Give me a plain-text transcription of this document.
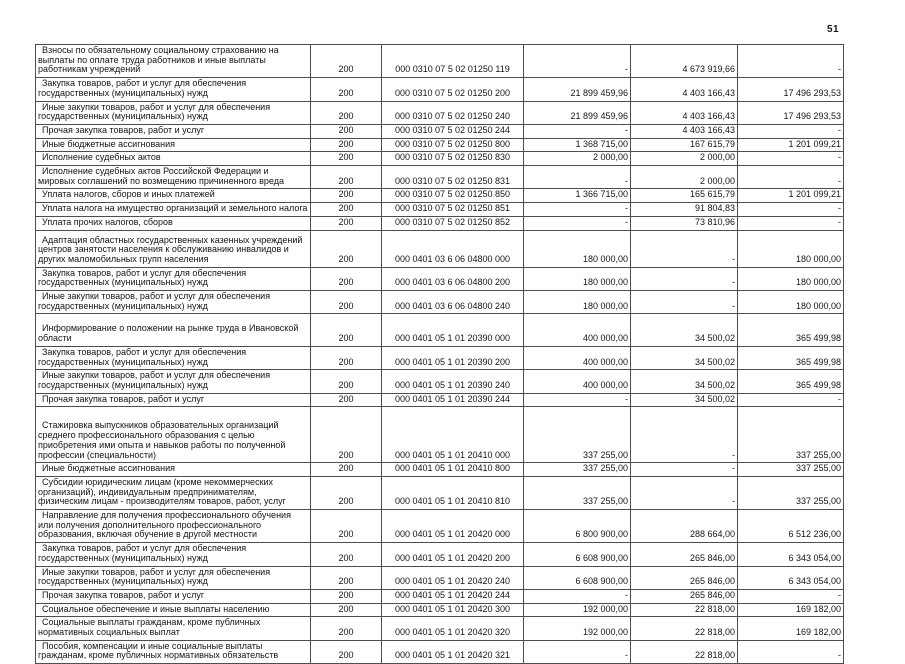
51
Взносы по обязательному социальному страхованию на выплаты по оплате труда работников и иные выплаты работникам учреждений	200	000 0310 07 5 02 01250 119	-	4 673 919,66	-
Закупка товаров, работ и услуг для обеспечения государственных (муниципальных) нужд	200	000 0310 07 5 02 01250 200	21 899 459,96	4 403 166,43	17 496 293,53
Иные закупки товаров, работ и услуг для обеспечения государственных (муниципальных) нужд	200	000 0310 07 5 02 01250 240	21 899 459,96	4 403 166,43	17 496 293,53
Прочая закупка товаров, работ и услуг	200	000 0310 07 5 02 01250 244	-	4 403 166,43	-
Иные бюджетные ассигнования	200	000 0310 07 5 02 01250 800	1 368 715,00	167 615,79	1 201 099,21
Исполнение судебных актов	200	000 0310 07 5 02 01250 830	2 000,00	2 000,00	-
Исполнение судебных актов Российской Федерации и мировых соглашений по возмещению причиненного вреда	200	000 0310 07 5 02 01250 831	-	2 000,00	-
Уплата налогов, сборов и иных платежей	200	000 0310 07 5 02 01250 850	1 366 715,00	165 615,79	1 201 099,21
Уплата налога на имущество организаций и земельного налога	200	000 0310 07 5 02 01250 851	-	91 804,83	-
Уплата прочих налогов, сборов	200	000 0310 07 5 02 01250 852	-	73 810,96	-
Адаптация областных государственных казенных учреждений центров занятости населения к обслуживанию инвалидов и других маломобильных групп населения	200	000 0401 03 6 06 04800 000	180 000,00	-	180 000,00
Закупка товаров, работ и услуг для обеспечения государственных (муниципальных) нужд	200	000 0401 03 6 06 04800 200	180 000,00	-	180 000,00
Иные закупки товаров, работ и услуг для обеспечения государственных (муниципальных) нужд	200	000 0401 03 6 06 04800 240	180 000,00	-	180 000,00
Информирование о положении на рынке труда в Ивановской области	200	000 0401 05 1 01 20390 000	400 000,00	34 500,02	365 499,98
Закупка товаров, работ и услуг для обеспечения государственных (муниципальных) нужд	200	000 0401 05 1 01 20390 200	400 000,00	34 500,02	365 499,98
Иные закупки товаров, работ и услуг для обеспечения государственных (муниципальных) нужд	200	000 0401 05 1 01 20390 240	400 000,00	34 500,02	365 499,98
Прочая закупка товаров, работ и услуг	200	000 0401 05 1 01 20390 244	-	34 500,02	-
Стажировка выпускников образовательных организаций среднего профессионального образования с целью приобретения ими опыта и навыков работы по полученной профессии (специальности)	200	000 0401 05 1 01 20410 000	337 255,00	-	337 255,00
Иные бюджетные ассигнования	200	000 0401 05 1 01 20410 800	337 255,00	-	337 255,00
Субсидии юридическим лицам (кроме некоммерческих организаций), индивидуальным предпринимателям, физическим лицам - производителям товаров, работ, услуг	200	000 0401 05 1 01 20410 810	337 255,00	-	337 255,00
Направление для получения профессионального обучения или получения дополнительного профессионального образования, включая обучение в другой местности	200	000 0401 05 1 01 20420 000	6 800 900,00	288 664,00	6 512 236,00
Закупка товаров, работ и услуг для обеспечения государственных (муниципальных) нужд	200	000 0401 05 1 01 20420 200	6 608 900,00	265 846,00	6 343 054,00
Иные закупки товаров, работ и услуг для обеспечения государственных (муниципальных) нужд	200	000 0401 05 1 01 20420 240	6 608 900,00	265 846,00	6 343 054,00
Прочая закупка товаров, работ и услуг	200	000 0401 05 1 01 20420 244	-	265 846,00	-
Социальное обеспечение и иные выплаты населению	200	000 0401 05 1 01 20420 300	192 000,00	22 818,00	169 182,00
Социальные выплаты гражданам, кроме публичных нормативных социальных выплат	200	000 0401 05 1 01 20420 320	192 000,00	22 818,00	169 182,00
Пособия, компенсации и иные социальные выплаты гражданам, кроме публичных нормативных обязательств	200	000 0401 05 1 01 20420 321	-	22 818,00	-
